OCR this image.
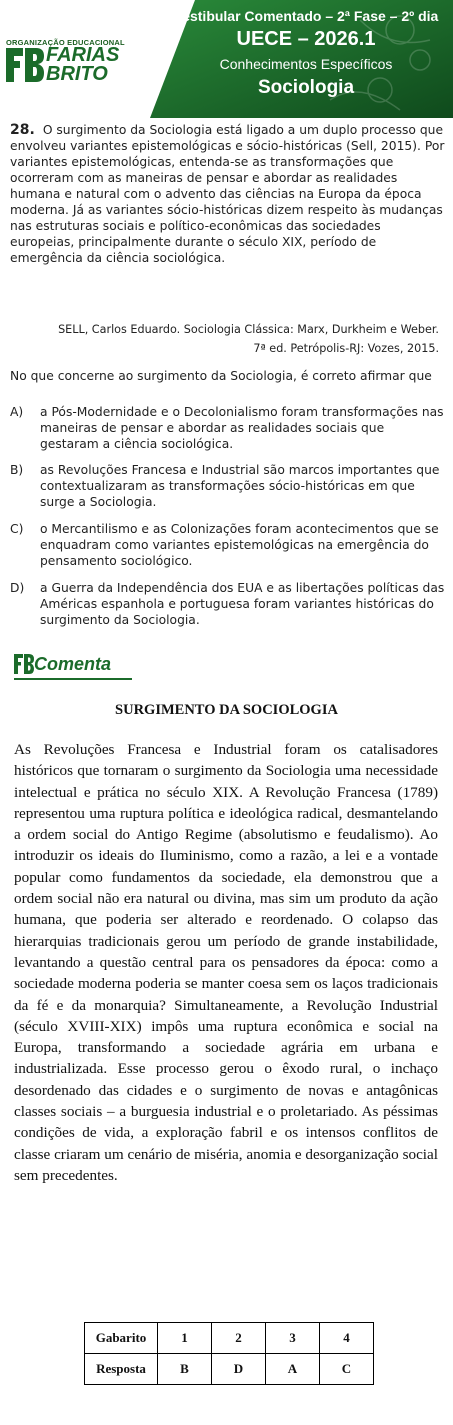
ORGANIZAÇÃO EDUCACIONAL
FARIAS
BRITO
Vestibular Comentado – 2ª Fase – 2º dia
UECE – 2026.1
Conhecimentos Específicos
Sociologia
28. O surgimento da Sociologia está ligado a um duplo processo que envolveu variantes epistemológicas e sócio-históricas (Sell, 2015). Por variantes epistemológicas, entenda-se as transformações que ocorreram com as maneiras de pensar e abordar as realidades humana e natural com o advento das ciências na Europa da época moderna. Já as variantes sócio-históricas dizem respeito às mudanças nas estruturas sociais e político-econômicas das sociedades europeias, principalmente durante o século XIX, período de emergência da ciência sociológica.
SELL, Carlos Eduardo. Sociologia Clássica: Marx, Durkheim e Weber.
7ª ed. Petrópolis-RJ: Vozes, 2015.
No que concerne ao surgimento da Sociologia, é correto afirmar que
A) a Pós-Modernidade e o Decolonialismo foram transformações nas maneiras de pensar e abordar as realidades sociais que gestaram a ciência sociológica.
B) as Revoluções Francesa e Industrial são marcos importantes que contextualizaram as transformações sócio-históricas em que surge a Sociologia.
C) o Mercantilismo e as Colonizações foram acontecimentos que se enquadram como variantes epistemológicas na emergência do pensamento sociológico.
D) a Guerra da Independência dos EUA e as libertações políticas das Américas espanhola e portuguesa foram variantes históricas do surgimento da Sociologia.
Comenta
SURGIMENTO DA SOCIOLOGIA
As Revoluções Francesa e Industrial foram os catalisadores históricos que tornaram o surgimento da Sociologia uma necessidade intelectual e prática no século XIX. A Revolução Francesa (1789) representou uma ruptura política e ideológica radical, desmantelando a ordem social do Antigo Regime (absolutismo e feudalismo). Ao introduzir os ideais do Iluminismo, como a razão, a lei e a vontade popular como fundamentos da sociedade, ela demonstrou que a ordem social não era natural ou divina, mas sim um produto da ação humana, que poderia ser alterado e reordenado. O colapso das hierarquias tradicionais gerou um período de grande instabilidade, levantando a questão central para os pensadores da época: como a sociedade moderna poderia se manter coesa sem os laços tradicionais da fé e da monarquia? Simultaneamente, a Revolução Industrial (século XVIII-XIX) impôs uma ruptura econômica e social na Europa, transformando a sociedade agrária em urbana e industrializada. Esse processo gerou o êxodo rural, o inchaço desordenado das cidades e o surgimento de novas e antagônicas classes sociais – a burguesia industrial e o proletariado. As péssimas condições de vida, a exploração fabril e os intensos conflitos de classe criaram um cenário de miséria, anomia e desorganização social sem precedentes.
Gabarito	1	2	3	4
Resposta	B	D	A	C
